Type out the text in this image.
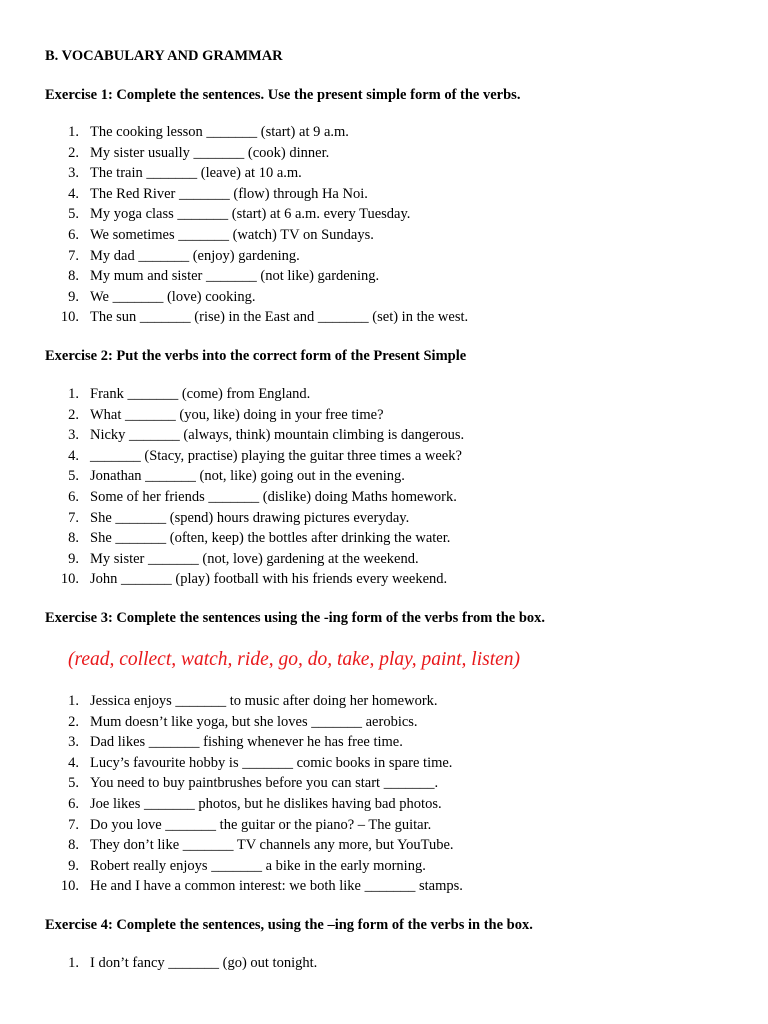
B. VOCABULARY AND GRAMMAR
Exercise 1: Complete the sentences. Use the present simple form of the verbs.
1. The cooking lesson _______ (start) at 9 a.m.
2. My sister usually _______ (cook) dinner.
3. The train _______ (leave) at 10 a.m.
4. The Red River _______ (flow) through Ha Noi.
5. My yoga class _______ (start) at 6 a.m. every Tuesday.
6. We sometimes _______ (watch) TV on Sundays.
7. My dad _______ (enjoy) gardening.
8. My mum and sister _______ (not like) gardening.
9. We _______ (love) cooking.
10. The sun _______ (rise) in the East and _______ (set) in the west.
Exercise 2: Put the verbs into the correct form of the Present Simple
1. Frank _______ (come) from England.
2. What _______ (you, like) doing in your free time?
3. Nicky _______ (always, think) mountain climbing is dangerous.
4. _______ (Stacy, practise) playing the guitar three times a week?
5. Jonathan _______ (not, like) going out in the evening.
6. Some of her friends _______ (dislike) doing Maths homework.
7. She _______ (spend) hours drawing pictures everyday.
8. She _______ (often, keep) the bottles after drinking the water.
9. My sister _______ (not, love) gardening at the weekend.
10. John _______ (play) football with his friends every weekend.
Exercise 3: Complete the sentences using the -ing form of the verbs from the box.
(read, collect, watch, ride, go, do, take, play, paint, listen)
1. Jessica enjoys _______ to music after doing her homework.
2. Mum doesn’t like yoga, but she loves _______ aerobics.
3. Dad likes _______ fishing whenever he has free time.
4. Lucy’s favourite hobby is _______ comic books in spare time.
5. You need to buy paintbrushes before you can start _______.
6. Joe likes _______ photos, but he dislikes having bad photos.
7. Do you love _______ the guitar or the piano? – The guitar.
8. They don’t like _______ TV channels any more, but YouTube.
9. Robert really enjoys _______ a bike in the early morning.
10. He and I have a common interest: we both like _______ stamps.
Exercise 4: Complete the sentences, using the –ing form of the verbs in the box.
1. I don’t fancy _______ (go) out tonight.
